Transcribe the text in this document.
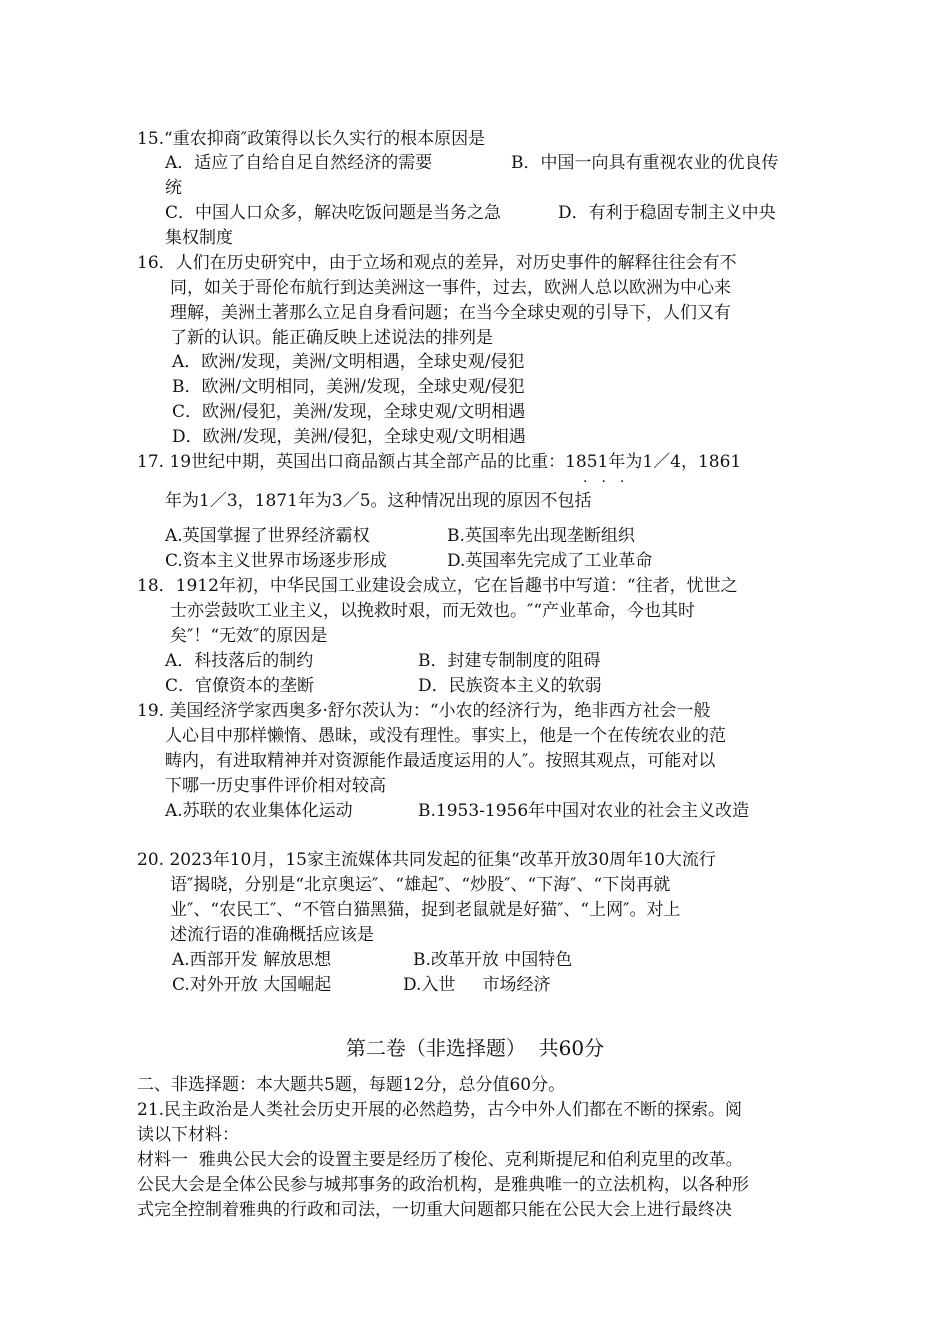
15.“重农抑商″政策得以长久实行的根本原因是
A．适应了自给自足自然经济的需要	B．中国一向具有重视农业的优良传
统
C．中国人口众多，解决吃饭问题是当务之急	D．有利于稳固专制主义中央
集权制度
16．人们在历史研究中，由于立场和观点的差异，对历史事件的解释往往会有不
同，如关于哥伦布航行到达美洲这一事件，过去，欧洲人总以欧洲为中心来
理解，美洲土著那么立足自身看问题；在当今全球史观的引导下，人们又有
了新的认识。能正确反映上述说法的排列是
A．欧洲/发现，美洲/文明相遇，全球史观/侵犯
B．欧洲/文明相同，美洲/发现，全球史观/侵犯
C．欧洲/侵犯，美洲/发现，全球史观/文明相遇
D．欧洲/发现，美洲/侵犯，全球史观/文明相遇
17. 19世纪中期，英国出口商品额占其全部产品的比重：1851年为1／4，1861
···
年为1／3，1871年为3／5。这种情况出现的原因不包括
A.英国掌握了世界经济霸权	B.英国率先出现垄断组织
C.资本主义世界市场逐步形成	D.英国率先完成了工业革命
18．1912年初，中华民国工业建设会成立，它在旨趣书中写道：“往者，忧世之
士亦尝鼓吹工业主义，以挽救时艰，而无效也。″“产业革命，今也其时
矣″！“无效″的原因是
A．科技落后的制约	B．封建专制制度的阻碍
C．官僚资本的垄断	D．民族资本主义的软弱
19. 美国经济学家西奥多·舒尔茨认为：“小农的经济行为，绝非西方社会一般
人心目中那样懒惰、愚昧，或没有理性。事实上，他是一个在传统农业的范
畴内，有进取精神并对资源能作最适度运用的人″。按照其观点，可能对以
下哪一历史事件评价相对较高
A.苏联的农业集体化运动	B.1953-1956年中国对农业的社会主义改造
20. 2023年10月，15家主流媒体共同发起的征集“改革开放30周年10大流行
语″揭晓，分别是“北京奥运″、“雄起″、“炒股″、“下海″、“下岗再就
业″、“农民工″、“不管白猫黑猫，捉到老鼠就是好猫″、“上网″。对上
述流行语的准确概括应该是
A.西部开发 解放思想	B.改革开放 中国特色
C.对外开放 大国崛起	D.入世     市场经济
第二卷（非选择题）  共60分
二、非选择题：本大题共5题，每题12分，总分值60分。
21.民主政治是人类社会历史开展的必然趋势，古今中外人们都在不断的探索。阅
读以下材料：
材料一  雅典公民大会的设置主要是经历了梭伦、克利斯提尼和伯利克里的改革。
公民大会是全体公民参与城邦事务的政治机构，是雅典唯一的立法机构，以各种形
式完全控制着雅典的行政和司法，一切重大问题都只能在公民大会上进行最终决
